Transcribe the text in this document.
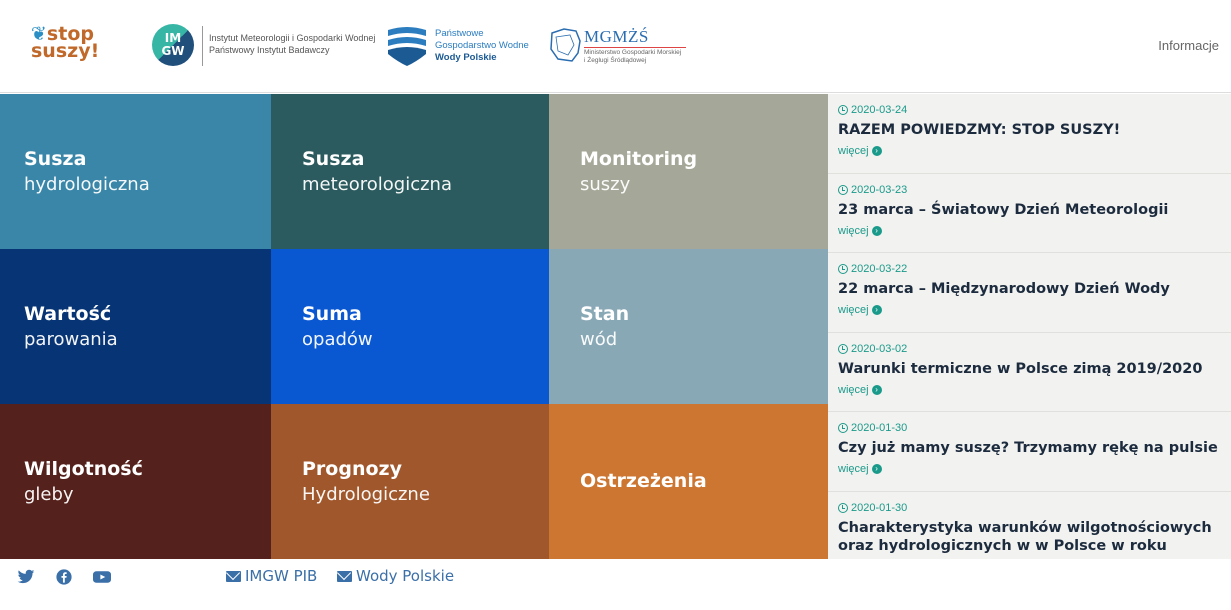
❦stop
suszy!
IM GW
Instytut Meteorologii i Gospodarki Wodnej
Państwowy Instytut Badawczy
Państwowe
Gospodarstwo Wodne
Wody Polskie
MGMŻŚ
Ministerstwo Gospodarki Morskiej
i Żeglugi Śródlądowej
Informacje
Susza
hydrologiczna
Susza
meteorologiczna
Monitoring
suszy
Wartość
parowania
Suma
opadów
Stan
wód
Wilgotność
gleby
Prognozy
Hydrologiczne
Ostrzeżenia
2020-03-24
RAZEM POWIEDZMY: STOP SUSZY!
więcej ›
2020-03-23
23 marca – Światowy Dzień Meteorologii
więcej ›
2020-03-22
22 marca – Międzynarodowy Dzień Wody
więcej ›
2020-03-02
Warunki termiczne w Polsce zimą 2019/2020
więcej ›
2020-01-30
Czy już mamy suszę? Trzymamy rękę na pulsie
więcej ›
2020-01-30
Charakterystyka warunków wilgotnościowych oraz hydrologicznych w w Polsce w roku
IMGW PIB	Wody Polskie
